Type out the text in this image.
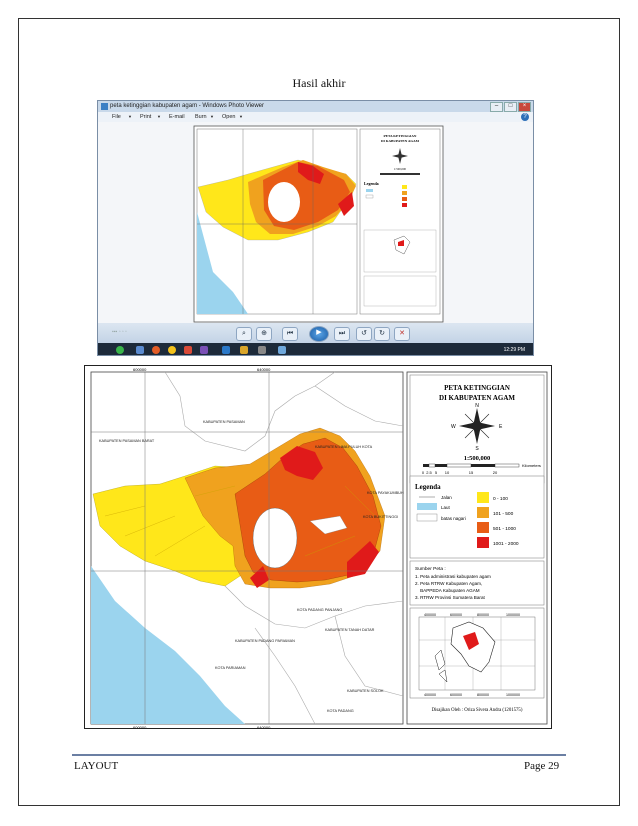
Hasil akhir
peta ketinggian kabupaten agam - Windows Photo Viewer	–	□	×
File ▼ Print ▼ E-mail Burn ▼ Open ▼	?
PETA KETINGGIAN
DI KABUPATEN AGAM
1:500,000
Legenda
▪▪▪ ▫ ▫ ▫	⌕	⊕	⏮	▶	⏭	↺	↻	✕
12:29 PM
600000	640000
600000	640000
KABUPATEN PASAMAN
KABUPATEN PASAMAN BARAT
KABUPATEN LIMA PULUH KOTA
KOTA PAYAKUMBUH
KOTA BUKITTINGGI
KOTA PADANG PANJANG
KABUPATEN TANAH DATAR
KABUPATEN PADANG PARIAMAN
KOTA PARIAMAN
KABUPATEN SOLOK
KOTA PADANG
PETA KETINGGIAN
DI KABUPATEN AGAM
N
S
E
W
1:500,000
0 2.5 5 10	15	20
Kilometers
Legenda
Jalan
Laut
batas nagari
0 - 100
101 - 500
501 - 1000
1001 - 2000
Sumber Peta :
1. Peta administrasi kabupaten agam
2. Peta RTRW Kabupaten Agam,
BAPPEDA Kabupaten AGAM
3. RTRW Provinsi Sumatera Barat
400000	600000	800000	1000000
400000	600000	800000	1000000
Disajikan Oleh : Oriza Sivera Andra (1201575)
LAYOUT	Page 29
